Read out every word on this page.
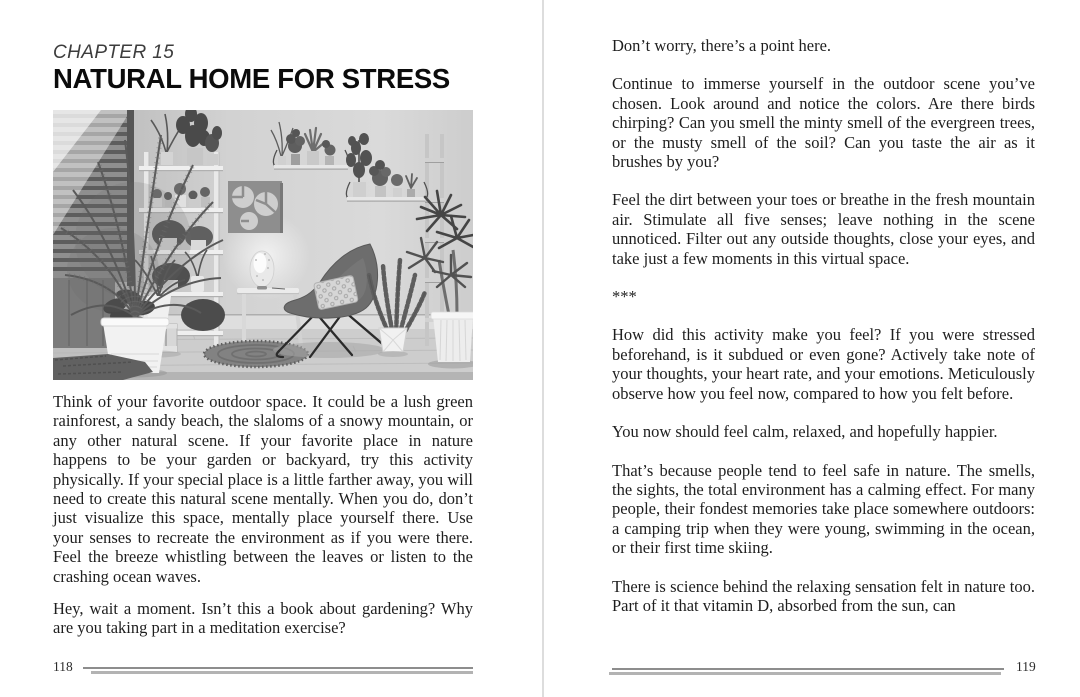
CHAPTER 15
NATURAL HOME FOR STRESS

Think of your favorite outdoor space. It could be a lush green rainforest, a sandy beach, the slaloms of a snowy mountain, or any other natural scene. If your favorite place in nature happens to be your garden or backyard, try this activity physically. If your special place is a little farther away, you will need to create this natural scene mentally. When you do, don’t just visualize this space, mentally place yourself there. Use your senses to recreate the environment as if you were there. Feel the breeze whistling between the leaves or listen to the crashing ocean waves.

Hey, wait a moment. Isn’t this a book about gardening? Why are you taking part in a meditation exercise?

118

Don’t worry, there’s a point here.

Continue to immerse yourself in the outdoor scene you’ve chosen. Look around and notice the colors. Are there birds chirping? Can you smell the minty smell of the evergreen trees, or the musty smell of the soil? Can you taste the air as it brushes by you?

Feel the dirt between your toes or breathe in the fresh mountain air. Stimulate all five senses; leave nothing in the scene unnoticed. Filter out any outside thoughts, close your eyes, and take just a few moments in this virtual space.

***

How did this activity make you feel? If you were stressed beforehand, is it subdued or even gone? Actively take note of your thoughts, your heart rate, and your emotions. Meticulously observe how you feel now, compared to how you felt before.

You now should feel calm, relaxed, and hopefully happier.

That’s because people tend to feel safe in nature. The smells, the sights, the total environment has a calming effect. For many people, their fondest memories take place somewhere outdoors: a camping trip when they were young, swimming in the ocean, or their first time skiing.

There is science behind the relaxing sensation felt in nature too. Part of it that vitamin D, absorbed from the sun, can

119
